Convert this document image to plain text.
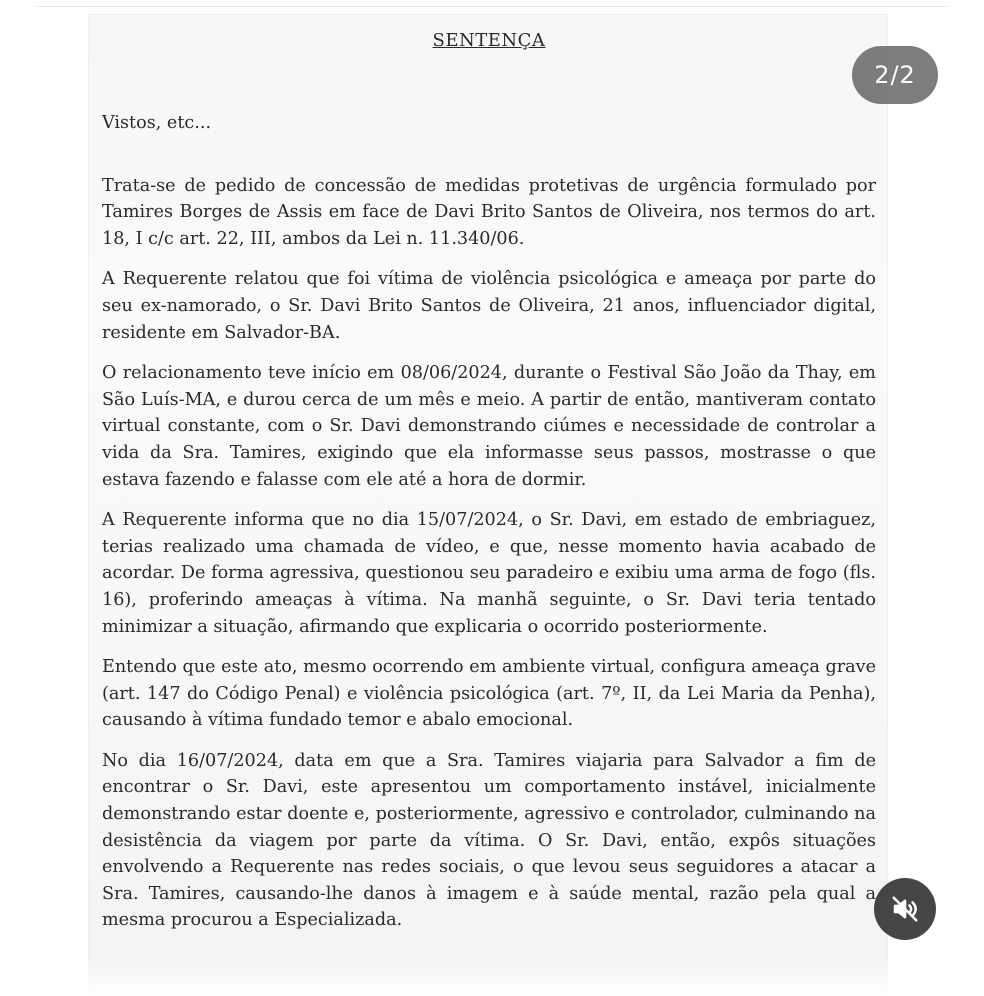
SENTENÇA

Vistos, etc...

Trata-se de pedido de concessão de medidas protetivas de urgência formulado por Tamires Borges de Assis em face de Davi Brito Santos de Oliveira, nos termos do art. 18, I c/c art. 22, III, ambos da Lei n. 11.340/06.

A Requerente relatou que foi vítima de violência psicológica e ameaça por parte do seu ex-namorado, o Sr. Davi Brito Santos de Oliveira, 21 anos, influenciador digital, residente em Salvador-BA.

O relacionamento teve início em 08/06/2024, durante o Festival São João da Thay, em São Luís-MA, e durou cerca de um mês e meio. A partir de então, mantiveram contato virtual constante, com o Sr. Davi demonstrando ciúmes e necessidade de controlar a vida da Sra. Tamires, exigindo que ela informasse seus passos, mostrasse o que estava fazendo e falasse com ele até a hora de dormir.

A Requerente informa que no dia 15/07/2024, o Sr. Davi, em estado de embriaguez, terias realizado uma chamada de vídeo, e que, nesse momento havia acabado de acordar. De forma agressiva, questionou seu paradeiro e exibiu uma arma de fogo (fls. 16), proferindo ameaças à vítima. Na manhã seguinte, o Sr. Davi teria tentado minimizar a situação, afirmando que explicaria o ocorrido posteriormente.

Entendo que este ato, mesmo ocorrendo em ambiente virtual, configura ameaça grave (art. 147 do Código Penal) e violência psicológica (art. 7º, II, da Lei Maria da Penha), causando à vítima fundado temor e abalo emocional.

No dia 16/07/2024, data em que a Sra. Tamires viajaria para Salvador a fim de encontrar o Sr. Davi, este apresentou um comportamento instável, inicialmente demonstrando estar doente e, posteriormente, agressivo e controlador, culminando na desistência da viagem por parte da vítima. O Sr. Davi, então, expôs situações envolvendo a Requerente nas redes sociais, o que levou seus seguidores a atacar a Sra. Tamires, causando-lhe danos à imagem e à saúde mental, razão pela qual a mesma procurou a Especializada.

2/2
